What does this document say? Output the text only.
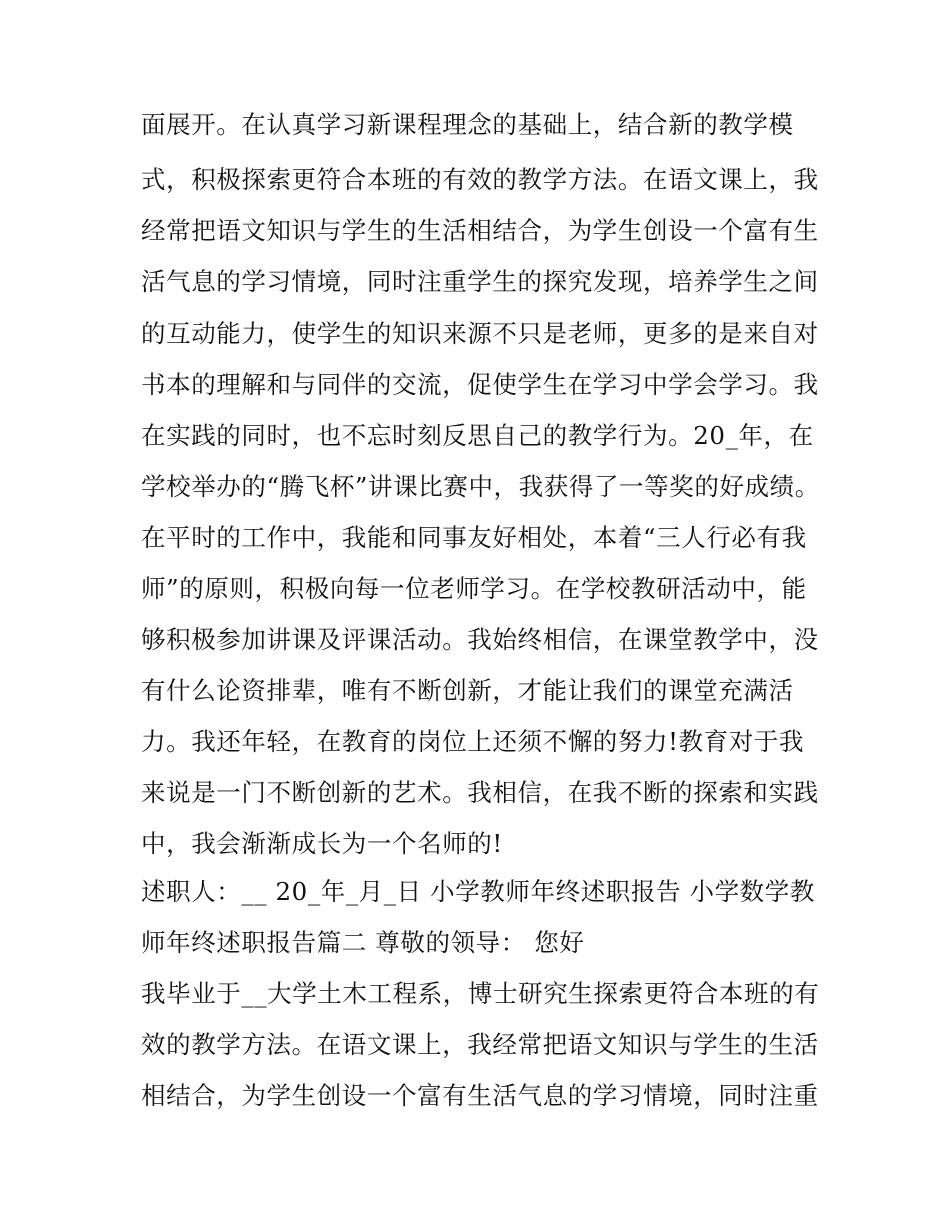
面展开。在认真学习新课程理念的基础上，结合新的教学模
式，积极探索更符合本班的有效的教学方法。在语文课上，我
经常把语文知识与学生的生活相结合，为学生创设一个富有生
活气息的学习情境，同时注重学生的探究发现，培养学生之间
的互动能力，使学生的知识来源不只是老师，更多的是来自对
书本的理解和与同伴的交流，促使学生在学习中学会学习。我
在实践的同时，也不忘时刻反思自己的教学行为。20_年，在
学校举办的“腾飞杯”讲课比赛中，我获得了一等奖的好成绩。
在平时的工作中，我能和同事友好相处，本着“三人行必有我
师”的原则，积极向每一位老师学习。在学校教研活动中，能
够积极参加讲课及评课活动。我始终相信，在课堂教学中，没
有什么论资排辈，唯有不断创新，才能让我们的课堂充满活
力。我还年轻，在教育的岗位上还须不懈的努力!教育对于我
来说是一门不断创新的艺术。我相信，在我不断的探索和实践
中，我会渐渐成长为一个名师的!
述职人：__ 20_年_月_日 小学教师年终述职报告 小学数学教
师年终述职报告篇二 尊敬的领导： 您好
我毕业于__大学土木工程系，博士研究生探索更符合本班的有
效的教学方法。在语文课上，我经常把语文知识与学生的生活
相结合，为学生创设一个富有生活气息的学习情境，同时注重
